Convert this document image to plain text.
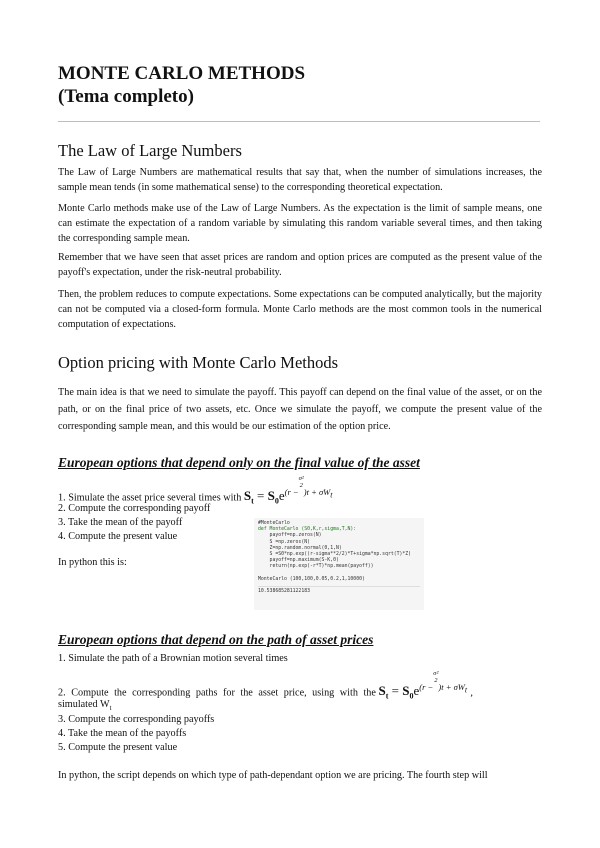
MONTE CARLO METHODS
(Tema completo)
The Law of Large Numbers

The Law of Large Numbers are mathematical results that say that, when the number of simulations increases, the sample mean tends (in some mathematical sense) to the corresponding theoretical expectation.

Monte Carlo methods make use of the Law of Large Numbers. As the expectation is the limit of sample means, one can estimate the expectation of a random variable by simulating this random variable several times, and then taking the corresponding sample mean.

Remember that we have seen that asset prices are random and option prices are computed as the present value of the payoff's expectation, under the risk-neutral probability.

Then, the problem reduces to compute expectations. Some expectations can be computed analytically, but the majority can not be computed via a closed-form formula. Monte Carlo methods are the most common tools in the numerical computation of expectations.

Option pricing with Monte Carlo Methods

The main idea is that we need to simulate the payoff. This payoff can depend on the final value of the asset, or on the path, or on the final price of two assets, etc. Once we simulate the payoff, we compute the present value of the corresponding sample mean, and this would be our estimation of the option price.

European options that depend only on the final value of the asset
1. Simulate the asset price several times with $S_t = S_0e^{(r - \sigma^2 2 )t + \sigma W_t}$
2. Compute the corresponding payoff
3. Take the mean of the payoff
4. Compute the present value
In python this is:
#MonteCarlo
def MonteCarlo (S0,K,r,sigma,T,N):
payoff=np.zeros(N)
S =np.zeros(N)
Z=np.random.normal(0,1,N)
S =S0*np.exp((r-sigma**2/2)*T+sigma*np.sqrt(T)*Z)
payoff=np.maximum(S-K,0)
return(np.exp(-r*T)*np.mean(payoff))

MonteCarlo (100,100,0.05,0.2,1,10000)
10.538685281122183
European options that depend on the path of asset prices
1. Simulate the path of a Brownian motion several times
2. Compute the corresponding paths for the asset price, using with the $S_t = S_0e^{(r - \sigma^2 2 )t + \sigma W_t}$ ,
simulated $W_t$
3. Compute the corresponding payoffs
4. Take the mean of the payoffs
5. Compute the present value

In python, the script depends on which type of path-dependant option we are pricing. The fourth step will
